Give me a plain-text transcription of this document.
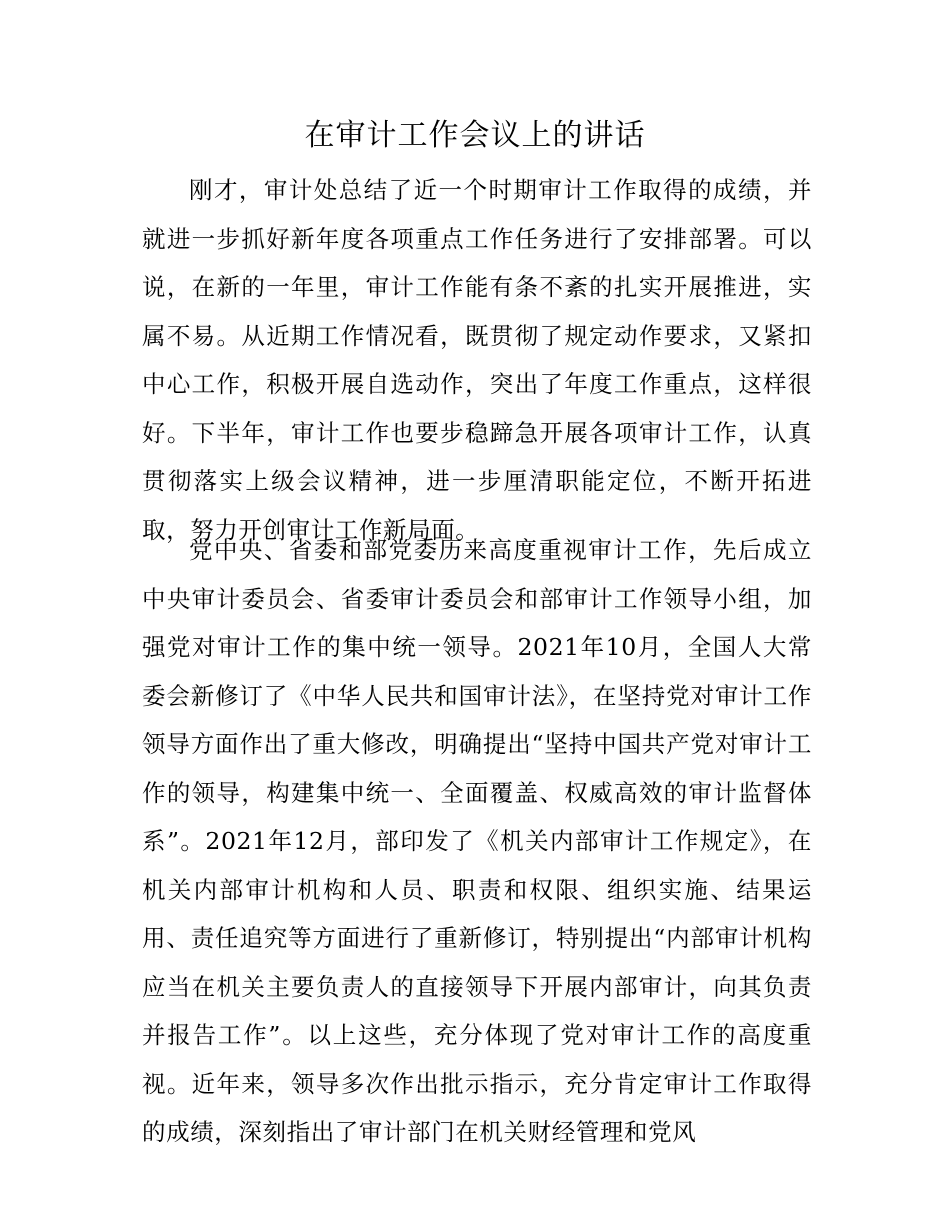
在审计工作会议上的讲话

刚才，审计处总结了近一个时期审计工作取得的成绩，并就进一步抓好新年度各项重点工作任务进行了安排部署。可以说，在新的一年里，审计工作能有条不紊的扎实开展推进，实属不易。从近期工作情况看，既贯彻了规定动作要求，又紧扣中心工作，积极开展自选动作，突出了年度工作重点，这样很好。下半年，审计工作也要步稳蹄急开展各项审计工作，认真贯彻落实上级会议精神，进一步厘清职能定位，不断开拓进取，努力开创审计工作新局面。

党中央、省委和部党委历来高度重视审计工作，先后成立中央审计委员会、省委审计委员会和部审计工作领导小组，加强党对审计工作的集中统一领导。2021年10月，全国人大常委会新修订了《中华人民共和国审计法》，在坚持党对审计工作领导方面作出了重大修改，明确提出“坚持中国共产党对审计工作的领导，构建集中统一、全面覆盖、权威高效的审计监督体系”。2021年12月，部印发了《机关内部审计工作规定》，在机关内部审计机构和人员、职责和权限、组织实施、结果运用、责任追究等方面进行了重新修订，特别提出“内部审计机构应当在机关主要负责人的直接领导下开展内部审计，向其负责并报告工作”。以上这些，充分体现了党对审计工作的高度重视。近年来，领导多次作出批示指示，充分肯定审计工作取得的成绩，深刻指出了审计部门在机关财经管理和党风
